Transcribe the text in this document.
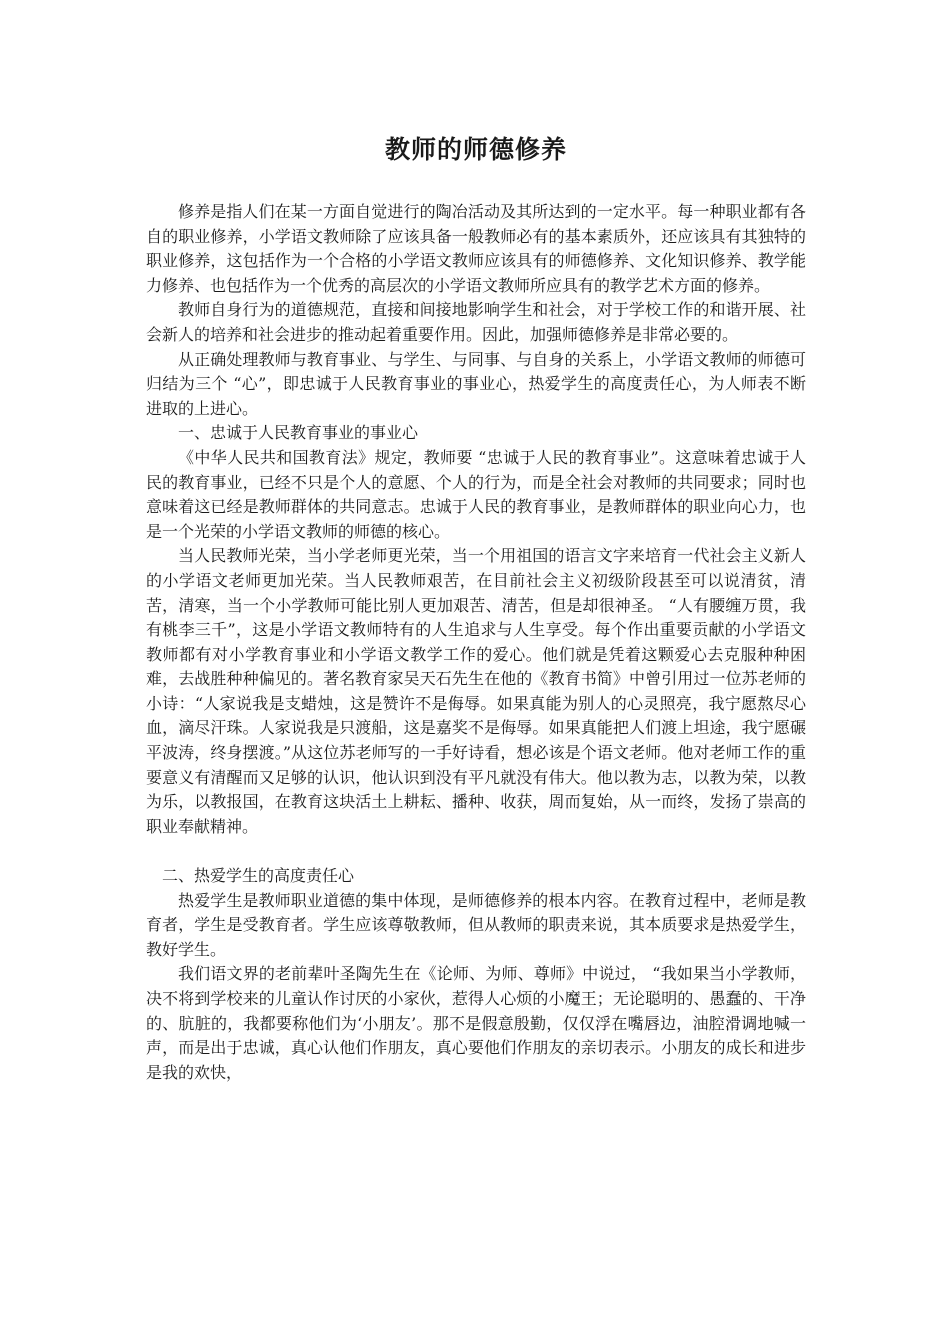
教师的师德修养

修养是指人们在某一方面自觉进行的陶冶活动及其所达到的一定水平。每一种职业都有各自的职业修养，小学语文教师除了应该具备一般教师必有的基本素质外，还应该具有其独特的职业修养，这包括作为一个合格的小学语文教师应该具有的师德修养、文化知识修养、教学能力修养、也包括作为一个优秀的高层次的小学语文教师所应具有的教学艺术方面的修养。

教师自身行为的道德规范，直接和间接地影响学生和社会，对于学校工作的和谐开展、社会新人的培养和社会进步的推动起着重要作用。因此，加强师德修养是非常必要的。

从正确处理教师与教育事业、与学生、与同事、与自身的关系上，小学语文教师的师德可归结为三个 “心”，即忠诚于人民教育事业的事业心，热爱学生的高度责任心，为人师表不断进取的上进心。

一、忠诚于人民教育事业的事业心

《中华人民共和国教育法》规定，教师要 “忠诚于人民的教育事业”。这意味着忠诚于人民的教育事业，已经不只是个人的意愿、个人的行为，而是全社会对教师的共同要求；同时也意味着这已经是教师群体的共同意志。忠诚于人民的教育事业，是教师群体的职业向心力，也是一个光荣的小学语文教师的师德的核心。

当人民教师光荣，当小学老师更光荣，当一个用祖国的语言文字来培育一代社会主义新人的小学语文老师更加光荣。当人民教师艰苦，在目前社会主义初级阶段甚至可以说清贫，清苦，清寒，当一个小学教师可能比别人更加艰苦、清苦，但是却很神圣。 “人有腰缠万贯，我有桃李三千”，这是小学语文教师特有的人生追求与人生享受。每个作出重要贡献的小学语文教师都有对小学教育事业和小学语文教学工作的爱心。他们就是凭着这颗爱心去克服种种困难，去战胜种种偏见的。著名教育家吴天石先生在他的《教育书简》中曾引用过一位苏老师的小诗：“人家说我是支蜡烛，这是赞许不是侮辱。如果真能为别人的心灵照亮，我宁愿熬尽心血，滴尽汗珠。人家说我是只渡船，这是嘉奖不是侮辱。如果真能把人们渡上坦途，我宁愿碾平波涛，终身摆渡。”从这位苏老师写的一手好诗看，想必该是个语文老师。他对老师工作的重要意义有清醒而又足够的认识，他认识到没有平凡就没有伟大。他以教为志，以教为荣，以教为乐，以教报国，在教育这块活土上耕耘、播种、收获，周而复始，从一而终，发扬了崇高的职业奉献精神。

二、热爱学生的高度责任心

热爱学生是教师职业道德的集中体现，是师德修养的根本内容。在教育过程中，老师是教育者，学生是受教育者。学生应该尊敬教师，但从教师的职责来说，其本质要求是热爱学生，教好学生。

我们语文界的老前辈叶圣陶先生在《论师、为师、尊师》中说过， “我如果当小学教师，决不将到学校来的儿童认作讨厌的小家伙，惹得人心烦的小魔王；无论聪明的、愚蠢的、干净的、肮脏的，我都要称他们为‘小朋友’。那不是假意殷勤，仅仅浮在嘴唇边，油腔滑调地喊一声，而是出于忠诚，真心认他们作朋友，真心要他们作朋友的亲切表示。小朋友的成长和进步是我的欢快，
